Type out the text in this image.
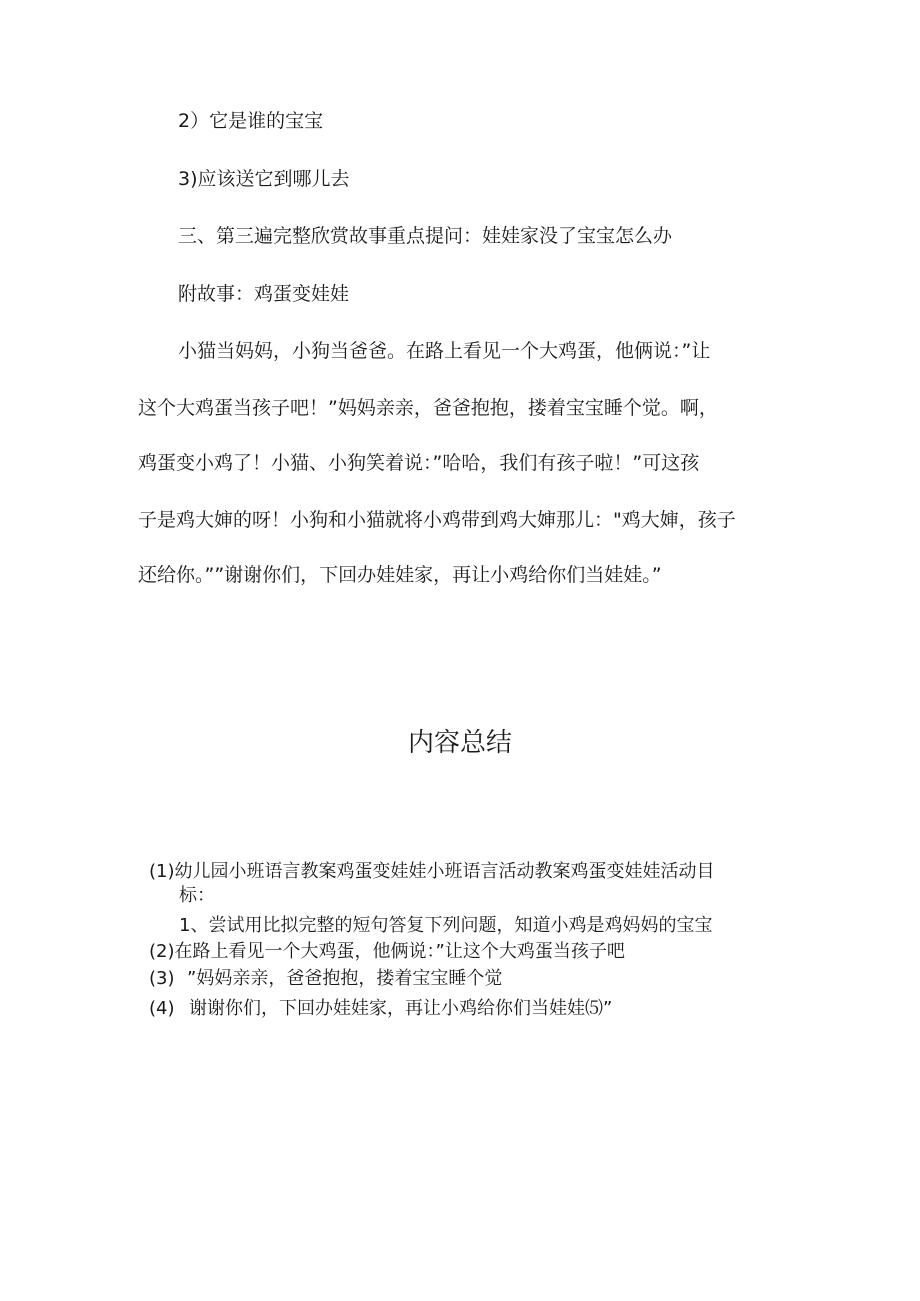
2）它是谁的宝宝
3)应该送它到哪儿去
三、第三遍完整欣赏故事重点提问：娃娃家没了宝宝怎么办
附故事：鸡蛋变娃娃
小猫当妈妈，小狗当爸爸。在路上看见一个大鸡蛋，他俩说：”让
这个大鸡蛋当孩子吧！”妈妈亲亲，爸爸抱抱，搂着宝宝睡个觉。啊，
鸡蛋变小鸡了！小猫、小狗笑着说：”哈哈，我们有孩子啦！”可这孩
子是鸡大婶的呀！小狗和小猫就将小鸡带到鸡大婶那儿："鸡大婶，孩子
还给你。””谢谢你们，下回办娃娃家，再让小鸡给你们当娃娃。”
内容总结
(1)幼儿园小班语言教案鸡蛋变娃娃小班语言活动教案鸡蛋变娃娃活动目
标：
1、尝试用比拟完整的短句答复下列问题，知道小鸡是鸡妈妈的宝宝
(2)在路上看见一个大鸡蛋，他俩说：”让这个大鸡蛋当孩子吧
(3) ”妈妈亲亲，爸爸抱抱，搂着宝宝睡个觉
(4) 谢谢你们，下回办娃娃家，再让小鸡给你们当娃娃⑸”
